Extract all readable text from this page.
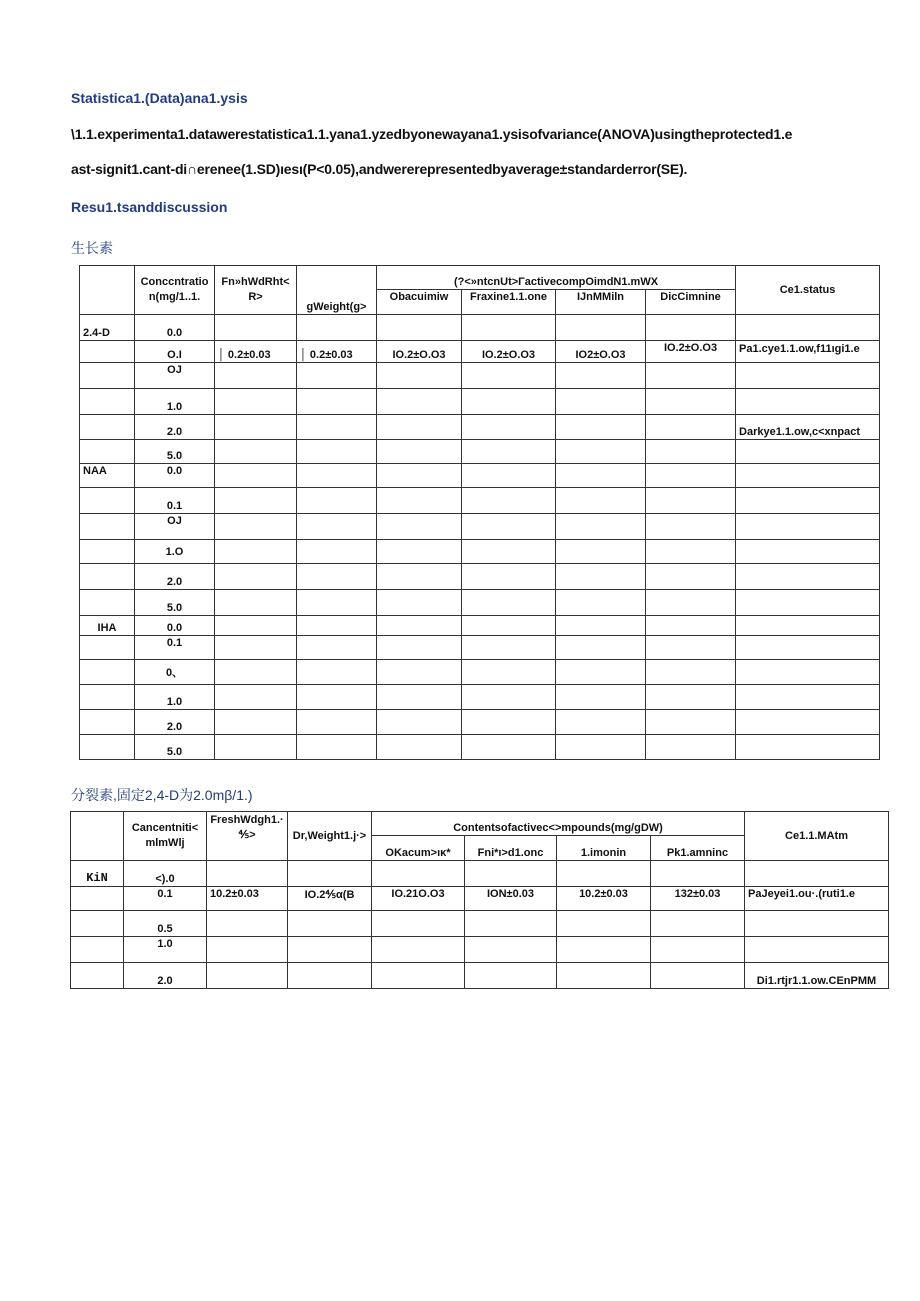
Statistica1.(Data)ana1.ysis
\1.1.experimenta1.datawerestatistica1.1.yana1.yzedbyonewayana1.ysisofvariance(ANOVA)usingtheprotected1.e
ast-signit1.cant-di∩erenee(1.SD)ıesı(P<0.05),andwererepresentedbyaverage±standarderror(SE).
Resu1.tsanddiscussion
生长素
	Conccntratio n(mg/1..1.	Fn»hWdRht< R>	gWeight(g>	(?<»ntcnUt>ΓactivecompOimdN1.mWX				Ce1.status
				Obacuimiw	Fraxine1.1.one	IJnMMiln	DicCimnine	
2.4-D	0.0							
	O.I	│ 0.2±0.03	│ 0.2±0.03	IO.2±O.O3	IO.2±O.O3	IO2±O.O3	IO.2±O.O3	Pa1.cye1.1.ow,f11ıgi1.e
	OJ							
	1.0							
	2.0							Darkye1.1.ow,c<xnpact
	5.0							
NAA	0.0							
	0.1							
	OJ							
	1.O							
	2.0							
	5.0							
IHA	0.0							
	0.1							
	0、							
	1.0							
	2.0							
	5.0							
分裂素,固定2,4-D为2.0mβ/1.)
	Cancentniti< mlmWlj	FreshWdgh1.· ⅘>	Dr,Weight1.j·>	Contentsofactivec<>mpounds(mg/gDW)				Ce1.1.MAtm
				OKacum>ıκ*	Fni*ı>d1.onc	1.imonin	Pk1.amninc	
KiN	<).0							
	0.1	10.2±0.03	IO.2⅘α(B	IO.21O.O3	ION±0.03	10.2±0.03	132±0.03	PaJeyei1.ou·.(ruti1.e
	0.5							
	1.0							
	2.0							Di1.rtjr1.1.ow.CEnPMM
